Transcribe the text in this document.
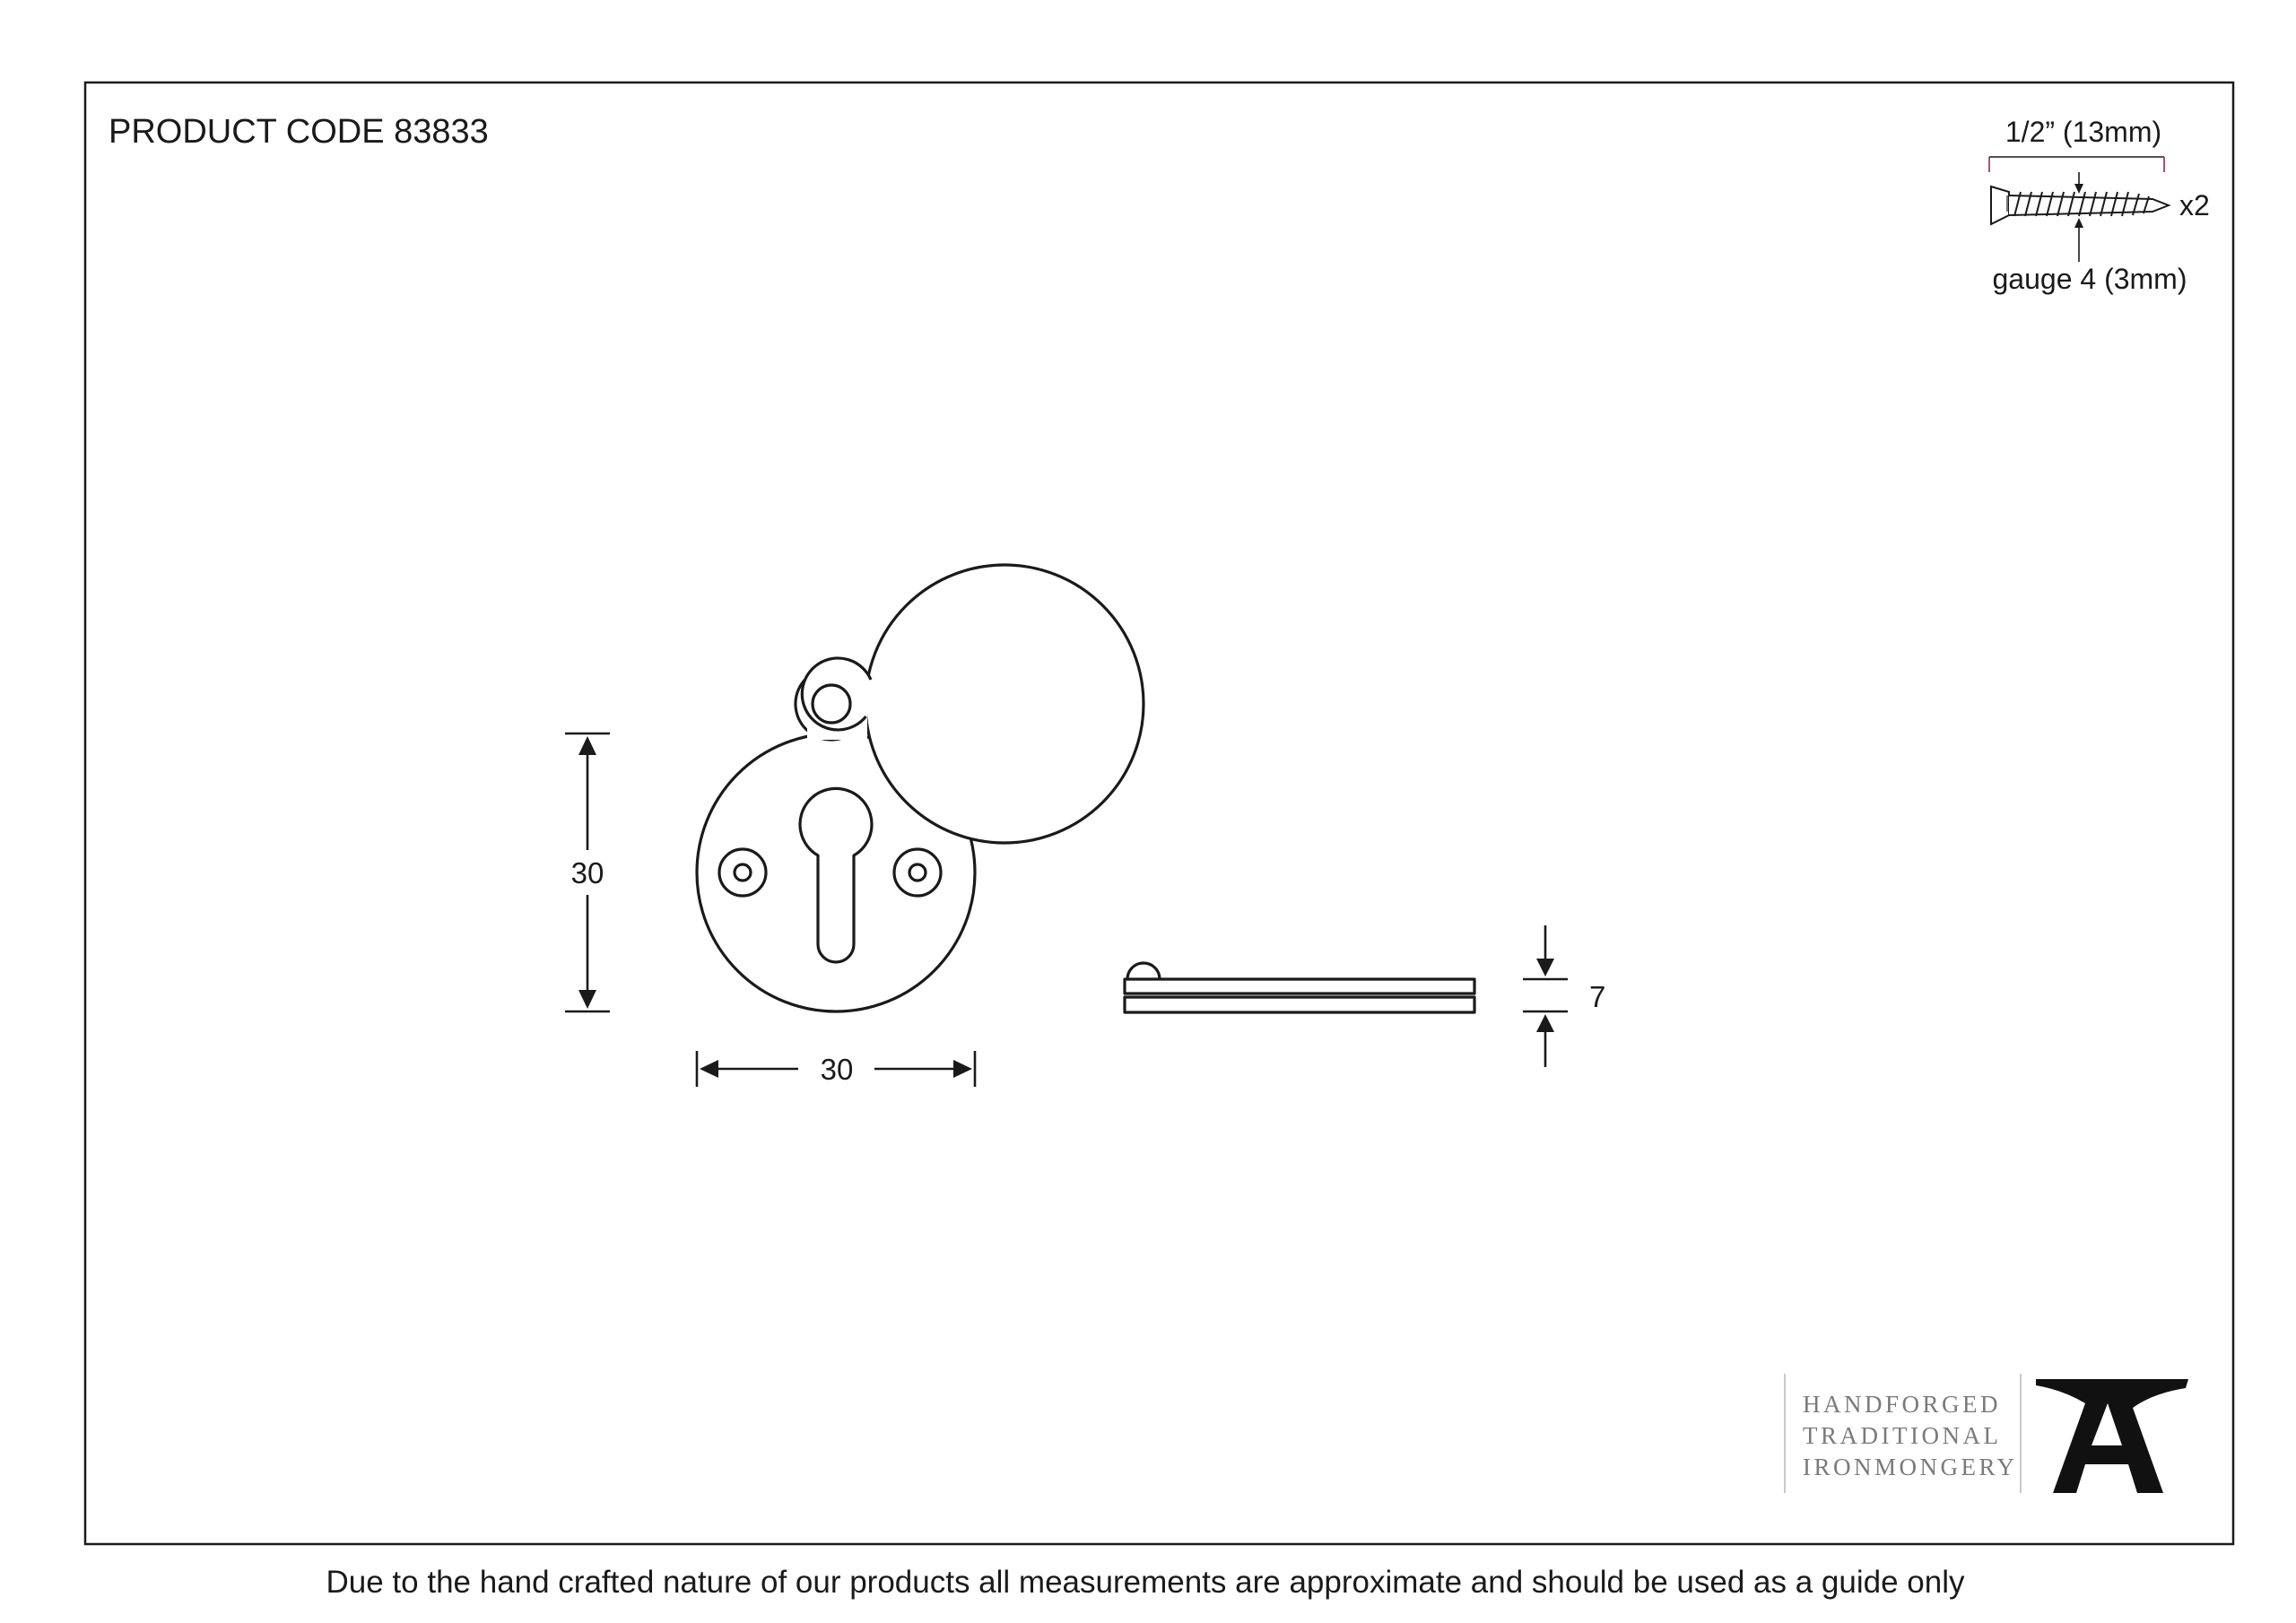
PRODUCT CODE 83833
30
30
7
1/2” (13mm)
x2
gauge 4 (3mm)
HANDFORGED
TRADITIONAL
IRONMONGERY
Due to the hand crafted nature of our products all measurements are approximate and should be used as a guide only
